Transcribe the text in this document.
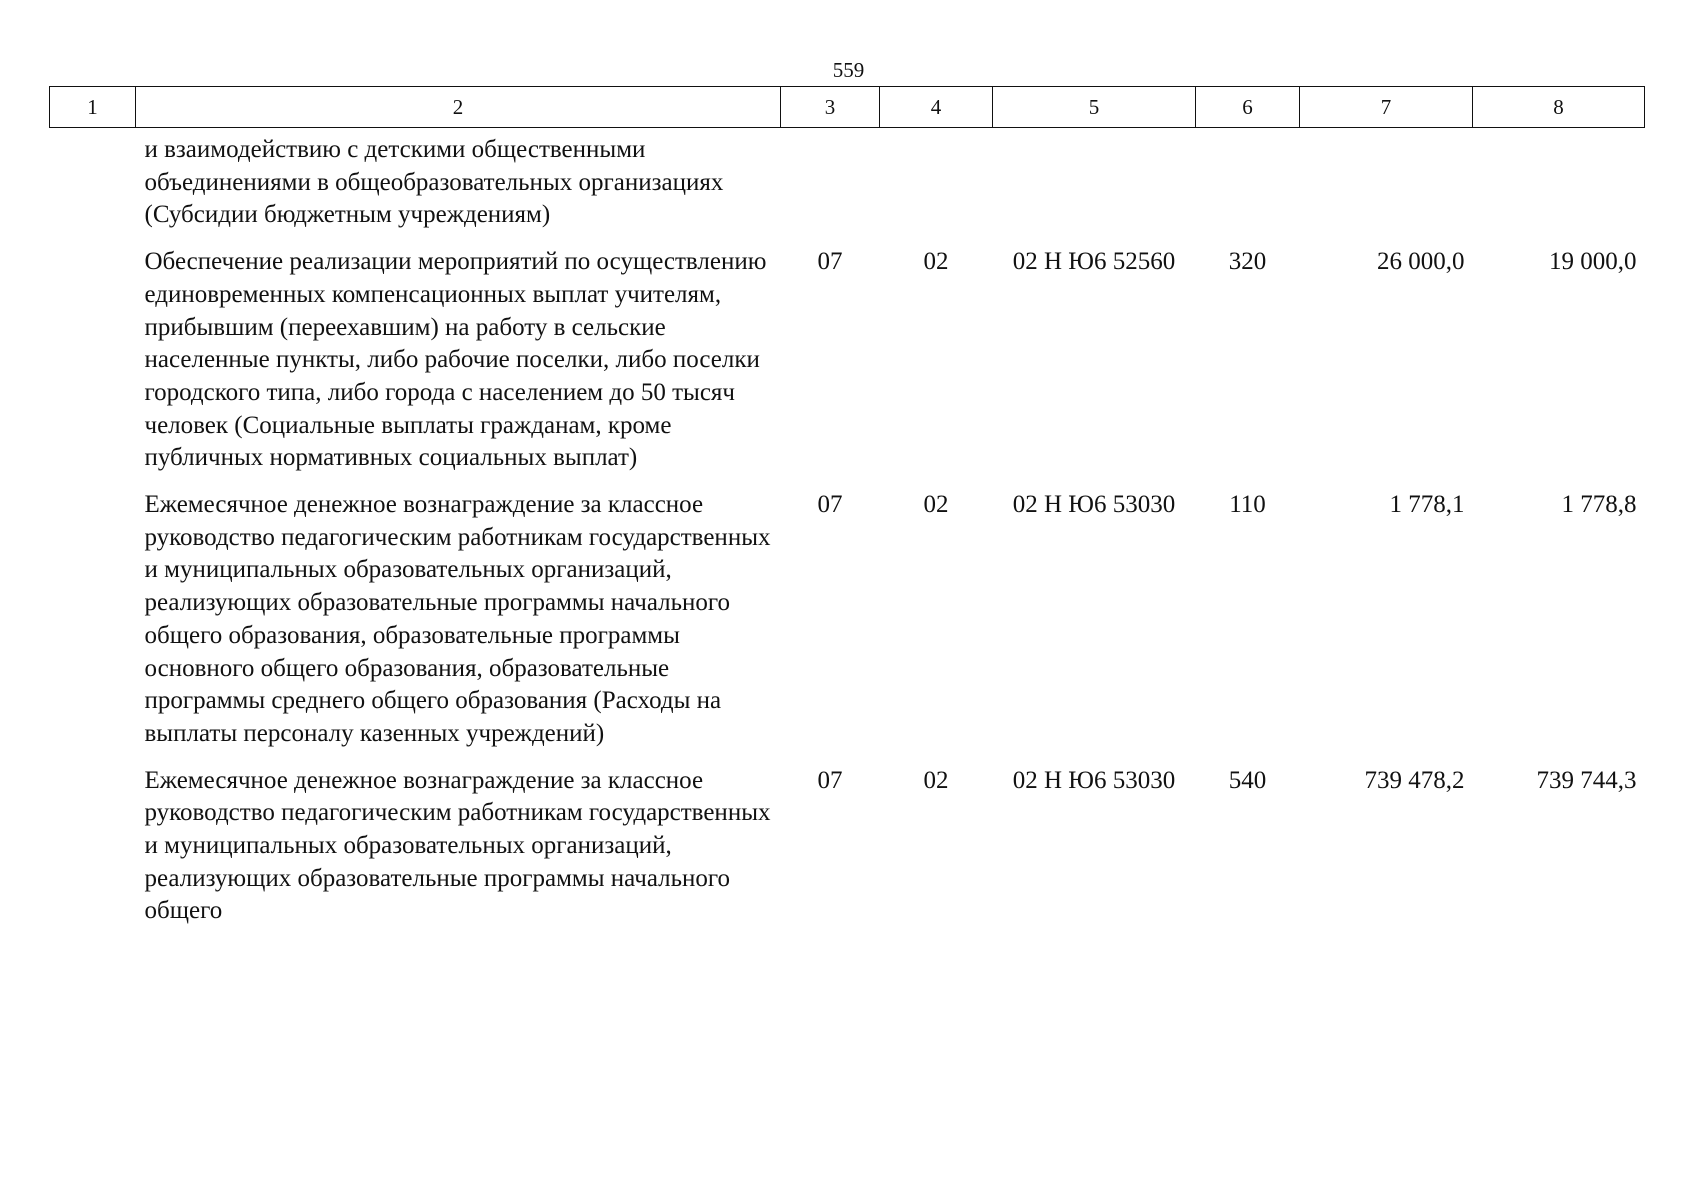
559
1	2	3	4	5	6	7	8
	и взаимодействию с детскими общественными объединениями в общеобразовательных организациях (Субсидии бюджетным учреждениям)						
	Обеспечение реализации мероприятий по осуществлению единовременных компенсационных выплат учителям, прибывшим (переехавшим) на работу в сельские населенные пункты, либо рабочие поселки, либо поселки городского типа, либо города с населением до 50 тысяч человек (Социальные выплаты гражданам, кроме публичных нормативных социальных выплат)	07	02	02 Н Ю6 52560	320	26 000,0	19 000,0
	Ежемесячное денежное вознаграждение за классное руководство педагогическим работникам государственных и муниципальных образовательных организаций, реализующих образовательные программы начального общего образования, образовательные программы основного общего образования, образовательные программы среднего общего образования (Расходы на выплаты персоналу казенных учреждений)	07	02	02 Н Ю6 53030	110	1 778,1	1 778,8
	Ежемесячное денежное вознаграждение за классное руководство педагогическим работникам государственных и муниципальных образовательных организаций, реализующих образовательные программы начального общего	07	02	02 Н Ю6 53030	540	739 478,2	739 744,3
